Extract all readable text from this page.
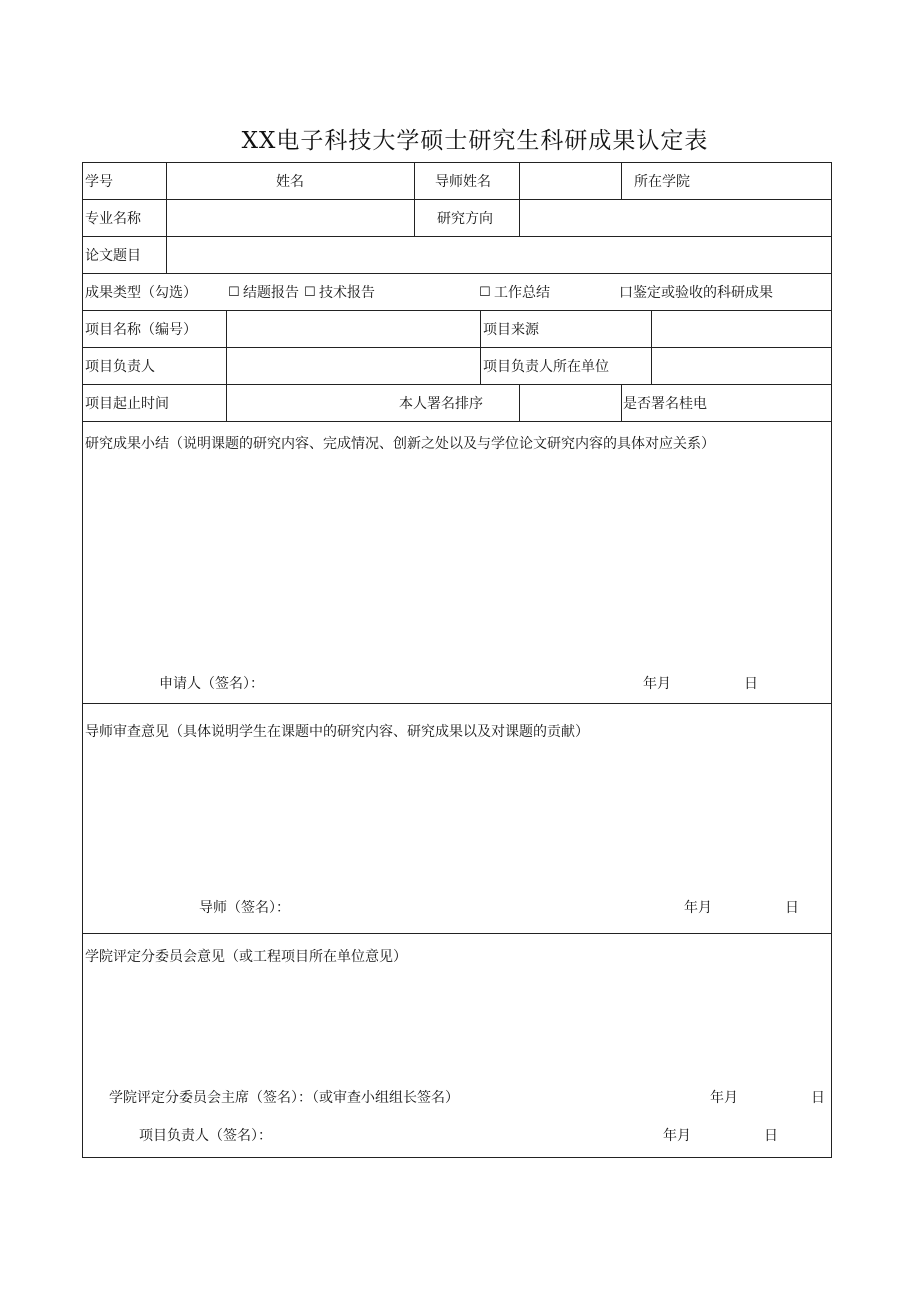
XX电子科技大学硕士研究生科研成果认定表
学号	姓名	导师姓名	所在学院
专业名称	研究方向
论文题目
成果类型（勾选） ☐ 结题报告 ☐ 技术报告	☐ 工作总结	口 鉴定或验收的科研成果
项目名称（编号）	项目来源
项目负责人	项目负责人所在单位
项目起止时间	本人署名排序	是否署名桂电
研究成果小结（说明课题的研究内容、完成情况、创新之处以及与学位论文研究内容的具体对应关系）
申请人（签名）：	年月	日
导师审查意见（具体说明学生在课题中的研究内容、研究成果以及对课题的贡献）
导师（签名）：	年月	日
学院评定分委员会意见（或工程项目所在单位意见）
学院评定分委员会主席（签名）：（或审查小组组长签名）	年月	日
项目负责人（签名）：	年月	日
